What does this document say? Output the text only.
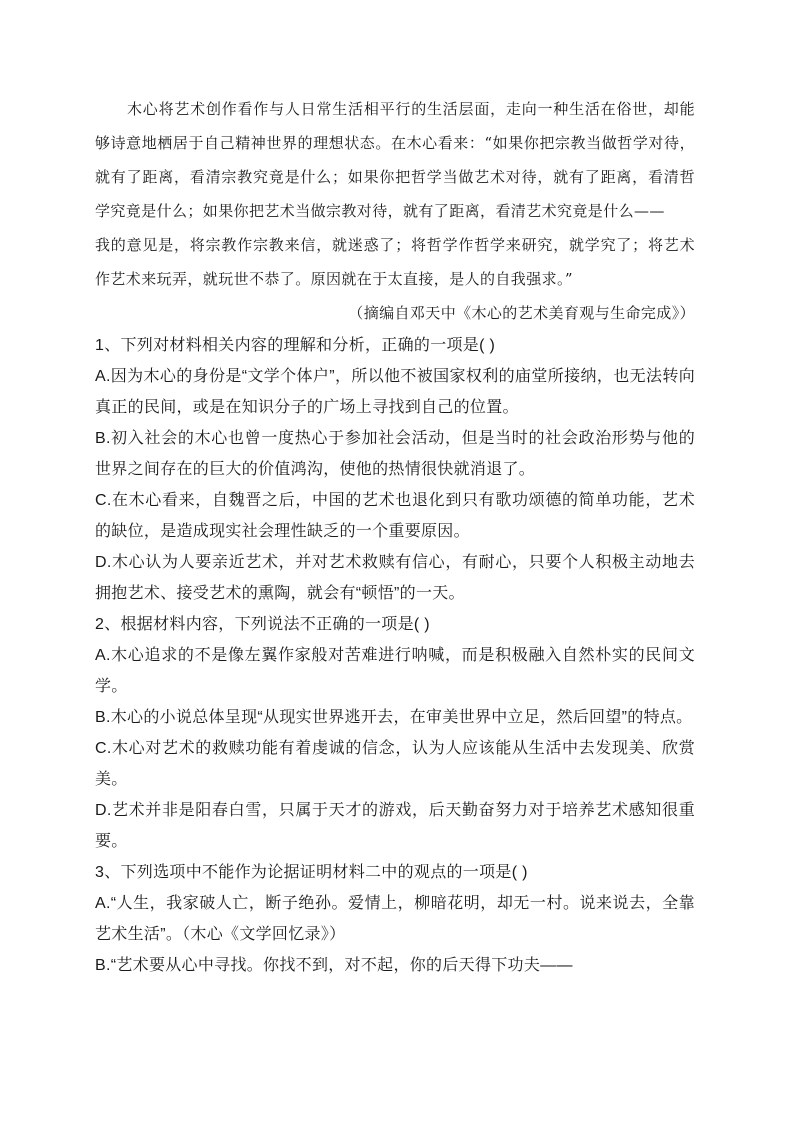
木心将艺术创作看作与人日常生活相平行的生活层面，走向一种生活在俗世，却能够诗意地栖居于自己精神世界的理想状态。在木心看来：“如果你把宗教当做哲学对待，就有了距离，看清宗教究竟是什么；如果你把哲学当做艺术对待，就有了距离，看清哲学究竟是什么；如果你把艺术当做宗教对待，就有了距离，看清艺术究竟是什么——
我的意见是，将宗教作宗教来信，就迷惑了；将哲学作哲学来研究，就学究了；将艺术作艺术来玩弄，就玩世不恭了。原因就在于太直接，是人的自我强求。”
（摘编自邓天中《木心的艺术美育观与生命完成》）
1、下列对材料相关内容的理解和分析，正确的一项是( )
A.因为木心的身份是“文学个体户”，所以他不被国家权利的庙堂所接纳，也无法转向真正的民间，或是在知识分子的广场上寻找到自己的位置。
B.初入社会的木心也曾一度热心于参加社会活动，但是当时的社会政治形势与他的世界之间存在的巨大的价值鸿沟，使他的热情很快就消退了。
C.在木心看来，自魏晋之后，中国的艺术也退化到只有歌功颂德的简单功能，艺术的缺位，是造成现实社会理性缺乏的一个重要原因。
D.木心认为人要亲近艺术，并对艺术救赎有信心，有耐心，只要个人积极主动地去拥抱艺术、接受艺术的熏陶，就会有“顿悟”的一天。
2、根据材料内容，下列说法不正确的一项是( )
A.木心追求的不是像左翼作家般对苦难进行呐喊，而是积极融入自然朴实的民间文学。
B.木心的小说总体呈现“从现实世界逃开去，在审美世界中立足，然后回望”的特点。
C.木心对艺术的救赎功能有着虔诚的信念，认为人应该能从生活中去发现美、欣赏美。
D.艺术并非是阳春白雪，只属于天才的游戏，后天勤奋努力对于培养艺术感知很重要。
3、下列选项中不能作为论据证明材料二中的观点的一项是( )
A.“人生，我家破人亡，断子绝孙。爱情上，柳暗花明，却无一村。说来说去，全靠艺术生活”。（木心《文学回忆录》）
B.“艺术要从心中寻找。你找不到，对不起，你的后天得下功夫——
